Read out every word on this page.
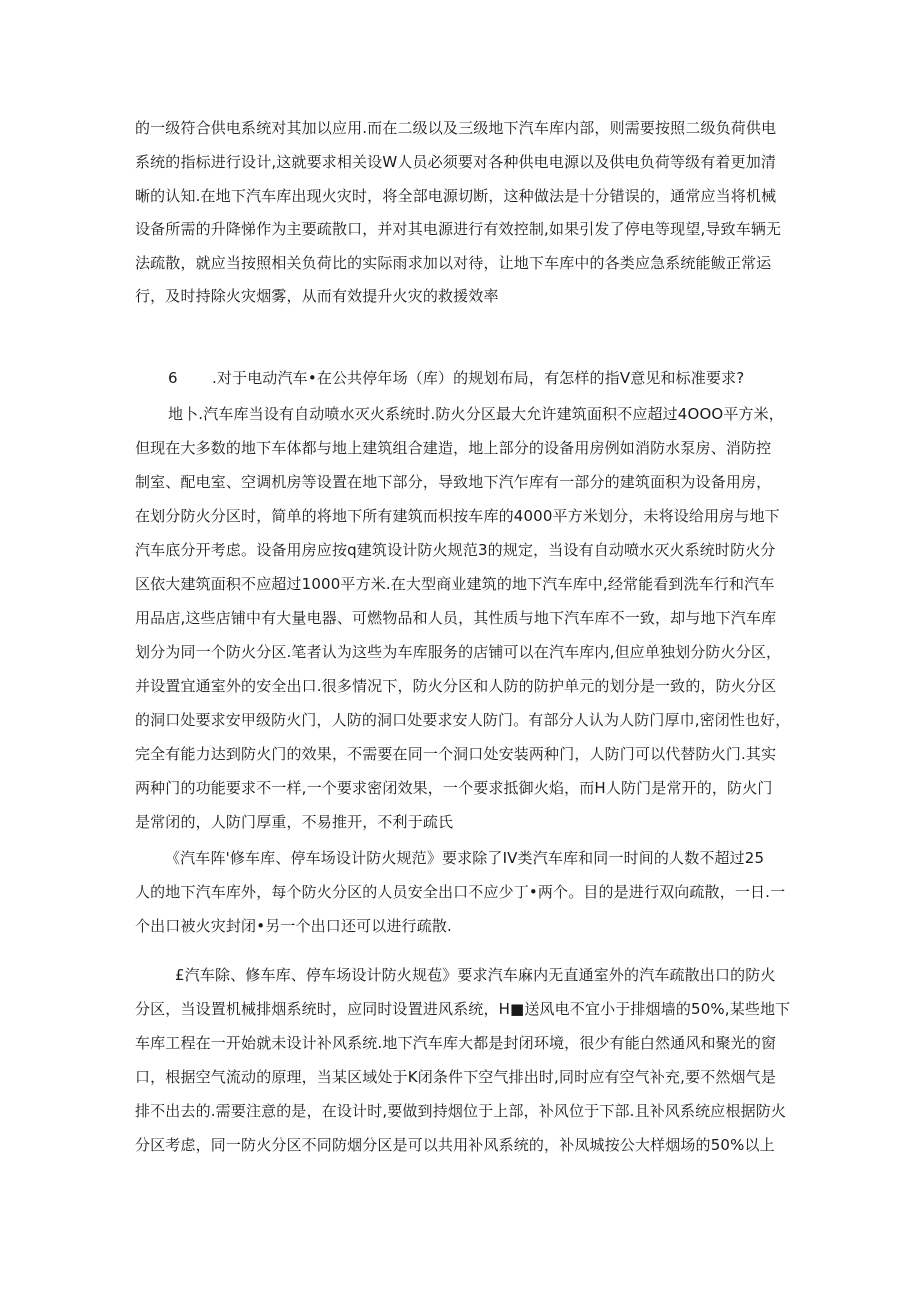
的一级符合供电系统对其加以应用.而在二级以及三级地下汽车库内部，则需要按照二级负荷供电
系统的指标进行设计,这就要求相关设W人员必须要对各种供电电源以及供电负荷等级有着更加清
晰的认知.在地下汽车库出现火灾时，将全部电源切断，这种做法是十分错误的，通常应当将机械
设备所需的升降悌作为主要疏散口，并对其电源进行有效控制,如果引发了停电等现望,导致车辆无
法疏散，就应当按照相关负荷比的实际雨求加以对待，让地下车库中的各类应急系统能鲅正常运
行，及时持除火灾烟雾，从而有效提升火灾的救援效率
6 .对于电动汽车•在公共停年场（库）的规划布局，有怎样的指V意见和标准要求?
地卜.汽车库当设有自动喷水灭火系统时.防火分区最大允许建筑面积不应超过4OOO平方米，
但现在大多数的地下车体都与地上建筑组合建造，地上部分的设备用房例如消防水泵房、消防控
制室、配电室、空调机房等设置在地下部分，导致地下汽乍库有一部分的建筑面积为设备用房，
在划分防火分区时，简单的将地下所有建筑而枳按车库的4000平方米划分，未将设给用房与地下
汽车底分开考虑。设备用房应按q建筑设计防火规范3的规定，当设有自动喷水灭火系统时防火分
区依大建筑面积不应超过1000平方米.在大型商业建筑的地下汽车库中,经常能看到洗车行和汽车
用品店,这些店铺中有大量电器、可燃物品和人员，其性质与地下汽车库不一致，却与地下汽车库
划分为同一个防火分区.笔者认为这些为车库服务的店铺可以在汽车库内,但应单独划分防火分区，
并设置宜通室外的安全出口.很多情况下，防火分区和人防的防护单元的划分是一致的，防火分区
的洞口处要求安甲级防火门，人防的洞口处要求安人防门。有部分人认为人防门厚巾,密闭性也好，
完全有能力达到防火门的效果，不需要在同一个洞口处安装两种门，人防门可以代替防火门.其实
两种门的功能要求不一样,一个要求密闭效果，一个要求抵御火焰，而H人防门是常开的，防火门
是常闭的，人防门厚重，不易推开，不利于疏氏
《汽车阵'修车库、停车场设计防火规范》要求除了IV类汽车库和同一时间的人数不超过25
人的地下汽车库外，每个防火分区的人员安全出口不应少丁•两个。目的是进行双向疏散，一日.一
个出口被火灾封闭•另一个出口还可以进行疏散.
£汽车除、修车库、停车场设计防火规苞》要求汽车麻内无直通室外的汽车疏散出口的防火
分区，当设置机械排烟系统时，应同时设置进风系统，H■送风电不宜小于排烟墙的50%,某些地下
车库工程在一开始就未设计补风系统.地下汽车库大都是封闭环境，很少有能白然通风和聚光的窗
口，根据空气流动的原理，当某区域处于K闭条件下空气排出时,同时应有空气补充,要不然烟气是
排不出去的.需要注意的是，在设计时,要做到持烟位于上部，补风位于下部.且补风系统应根据防火
分区考虑，同一防火分区不同防烟分区是可以共用补风系统的，补凤城按公大样烟场的50%以上
